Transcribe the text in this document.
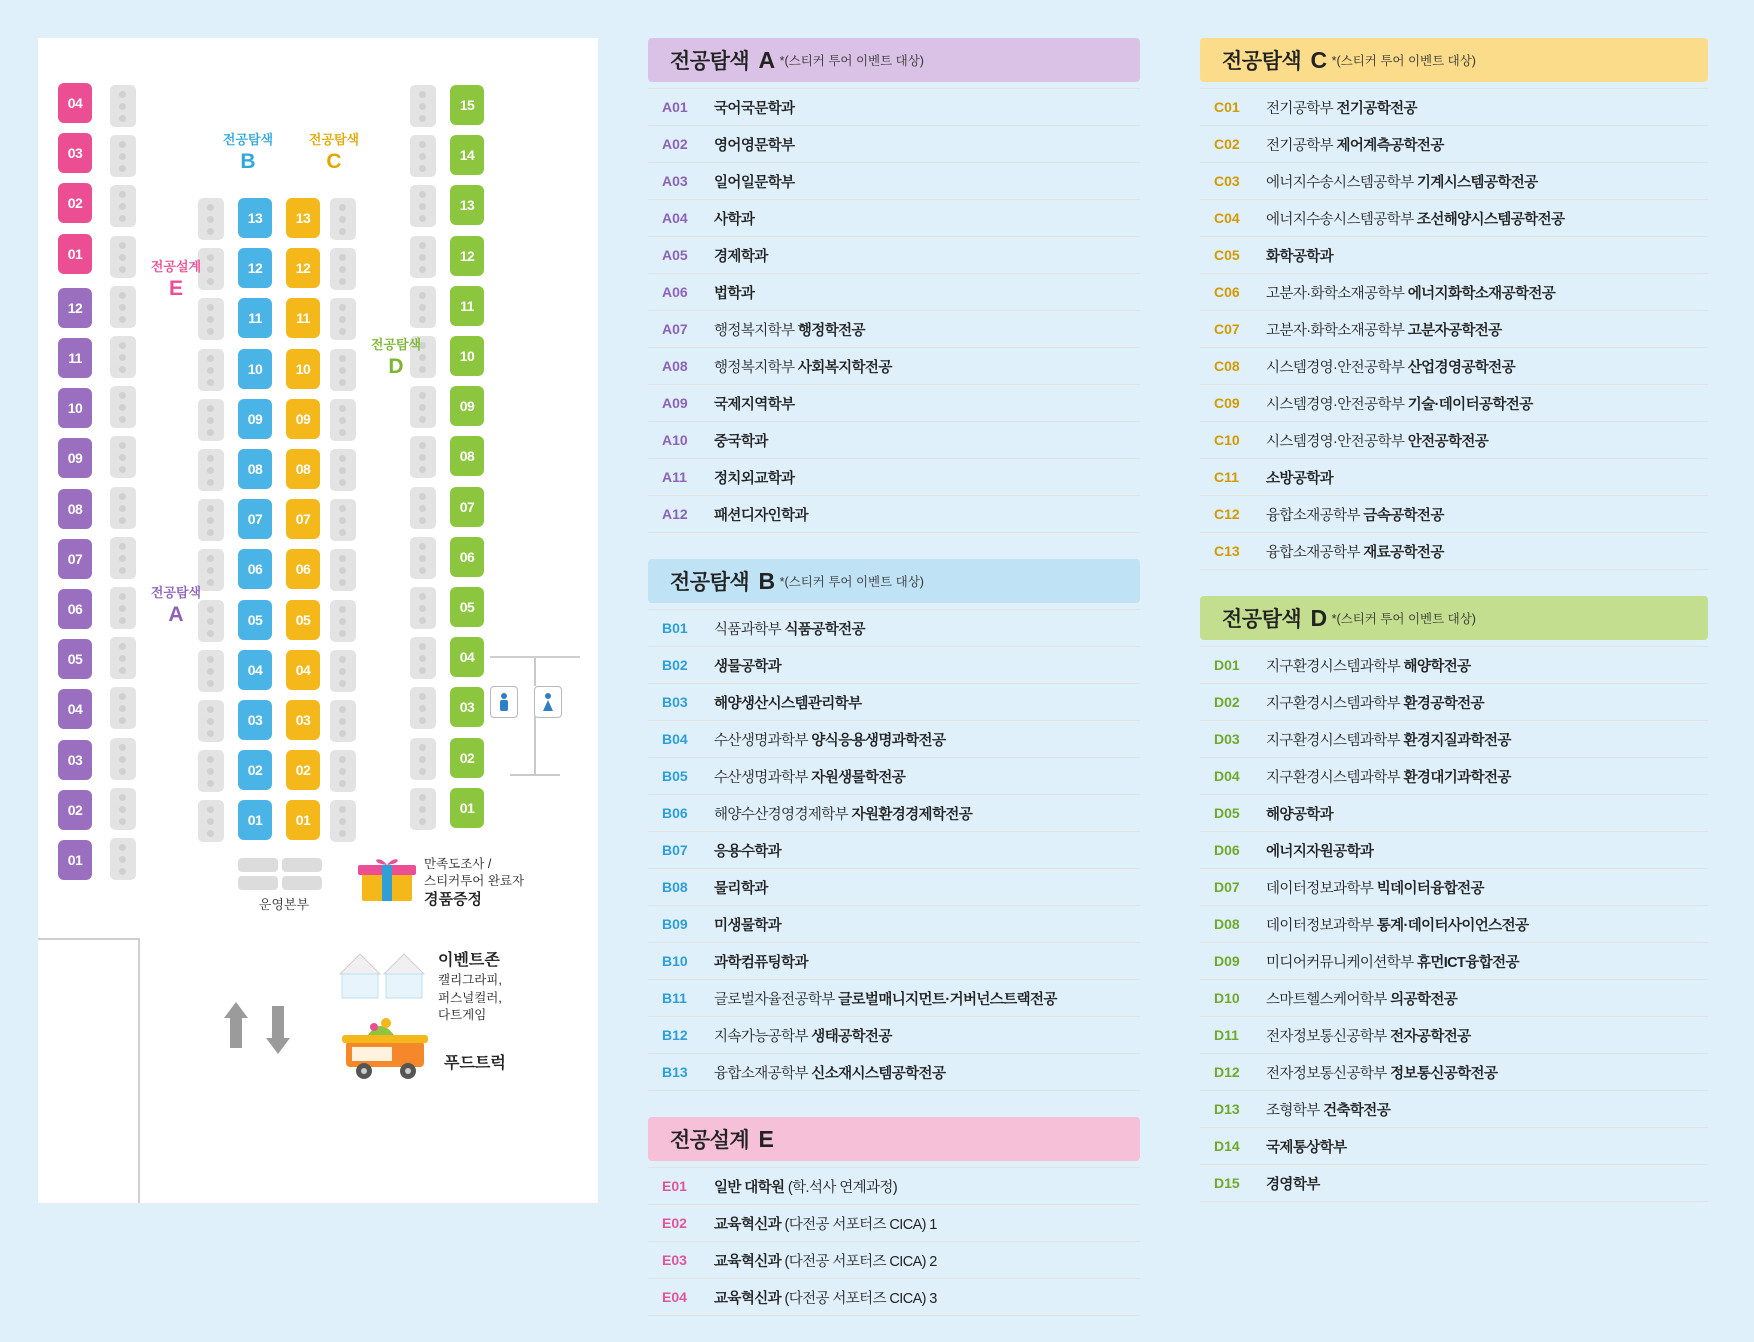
04
03
02
01
12
11
10
09
08
07
06
05
04
03
02
01
13
12
11
10
09
08
07
06
05
04
03
02
01
13
12
11
10
09
08
07
06
05
04
03
02
01
15
14
13
12
11
10
09
08
07
06
05
04
03
02
01
전공탐색
B
전공탐색
C
전공탐색
D
전공설계
E
전공탐색
A
운영본부
만족도조사 /
스티커투어 완료자
경품증정
이벤트존
캘리그라피,
퍼스널컬러,
다트게임
푸드트럭
전공탐색 A *(스티커 투어 이벤트 대상)
A01	국어국문학과
A02	영어영문학부
A03	일어일문학부
A04	사학과
A05	경제학과
A06	법학과
A07	행정복지학부 행정학전공
A08	행정복지학부 사회복지학전공
A09	국제지역학부
A10	중국학과
A11	정치외교학과
A12	패션디자인학과
전공탐색 B *(스티커 투어 이벤트 대상)
B01	식품과학부 식품공학전공
B02	생물공학과
B03	해양생산시스템관리학부
B04	수산생명과학부 양식응용생명과학전공
B05	수산생명과학부 자원생물학전공
B06	해양수산경영경제학부 자원환경경제학전공
B07	응용수학과
B08	물리학과
B09	미생물학과
B10	과학컴퓨팅학과
B11	글로벌자율전공학부 글로벌매니지먼트·거버넌스트랙전공
B12	지속가능공학부 생태공학전공
B13	융합소재공학부 신소재시스템공학전공
전공설계 E
E01	일반 대학원 (학.석사 연계과정)
E02	교육혁신과 (다전공 서포터즈 CICA) 1
E03	교육혁신과 (다전공 서포터즈 CICA) 2
E04	교육혁신과 (다전공 서포터즈 CICA) 3
전공탐색 C *(스티커 투어 이벤트 대상)
C01	전기공학부 전기공학전공
C02	전기공학부 제어계측공학전공
C03	에너지수송시스템공학부 기계시스템공학전공
C04	에너지수송시스템공학부 조선해양시스템공학전공
C05	화학공학과
C06	고분자·화학소재공학부 에너지화학소재공학전공
C07	고분자·화학소재공학부 고분자공학전공
C08	시스템경영·안전공학부 산업경영공학전공
C09	시스템경영·안전공학부 기술·데이터공학전공
C10	시스템경영·안전공학부 안전공학전공
C11	소방공학과
C12	융합소재공학부 금속공학전공
C13	융합소재공학부 재료공학전공
전공탐색 D *(스티커 투어 이벤트 대상)
D01	지구환경시스템과학부 해양학전공
D02	지구환경시스템과학부 환경공학전공
D03	지구환경시스템과학부 환경지질과학전공
D04	지구환경시스템과학부 환경대기과학전공
D05	해양공학과
D06	에너지자원공학과
D07	데이터정보과학부 빅데이터융합전공
D08	데이터정보과학부 통계·데이터사이언스전공
D09	미디어커뮤니케이션학부 휴먼ICT융합전공
D10	스마트헬스케어학부 의공학전공
D11	전자정보통신공학부 전자공학전공
D12	전자정보통신공학부 정보통신공학전공
D13	조형학부 건축학전공
D14	국제통상학부
D15	경영학부
